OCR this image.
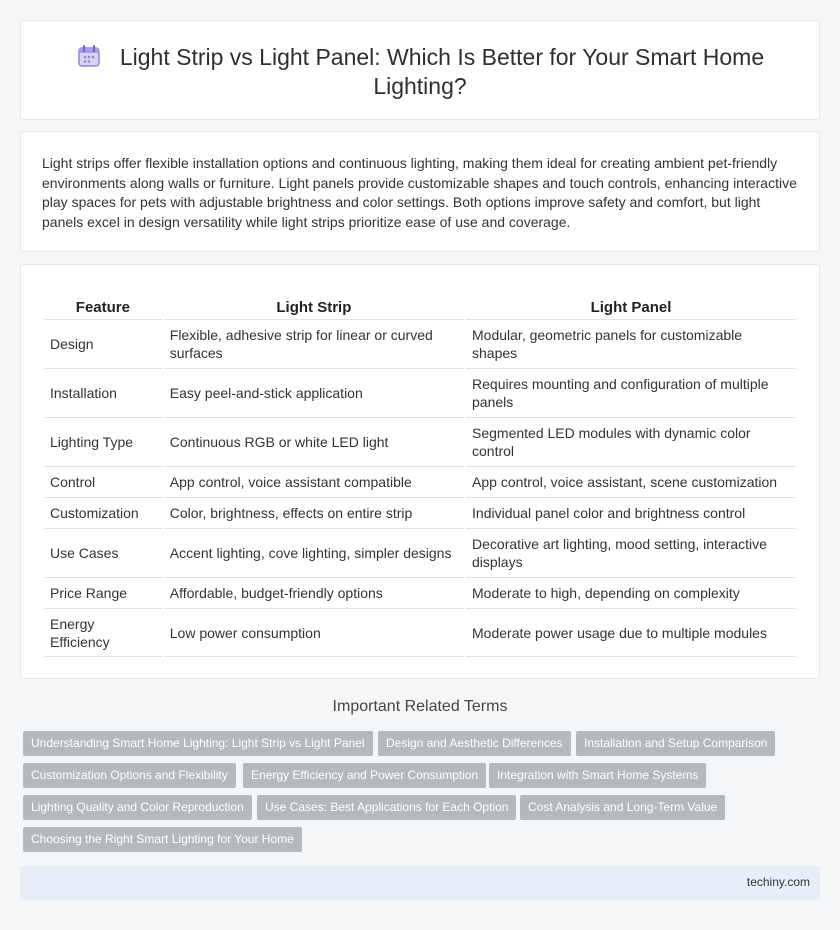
Light Strip vs Light Panel: Which Is Better for Your Smart Home Lighting?

Light strips offer flexible installation options and continuous lighting, making them ideal for creating ambient pet-friendly environments along walls or furniture. Light panels provide customizable shapes and touch controls, enhancing interactive play spaces for pets with adjustable brightness and color settings. Both options improve safety and comfort, but light panels excel in design versatility while light strips prioritize ease of use and coverage.

Feature	Light Strip	Light Panel
Design	Flexible, adhesive strip for linear or curved surfaces	Modular, geometric panels for customizable shapes
Installation	Easy peel-and-stick application	Requires mounting and configuration of multiple panels
Lighting Type	Continuous RGB or white LED light	Segmented LED modules with dynamic color control
Control	App control, voice assistant compatible	App control, voice assistant, scene customization
Customization	Color, brightness, effects on entire strip	Individual panel color and brightness control
Use Cases	Accent lighting, cove lighting, simpler designs	Decorative art lighting, mood setting, interactive displays
Price Range	Affordable, budget-friendly options	Moderate to high, depending on complexity
Energy Efficiency	Low power consumption	Moderate power usage due to multiple modules
Important Related Terms
Understanding Smart Home Lighting: Light Strip vs Light Panel	Design and Aesthetic Differences	Installation and Setup Comparison
Customization Options and Flexibility	Energy Efficiency and Power Consumption	Integration with Smart Home Systems
Lighting Quality and Color Reproduction	Use Cases: Best Applications for Each Option	Cost Analysis and Long-Term Value
Choosing the Right Smart Lighting for Your Home
techiny.com
